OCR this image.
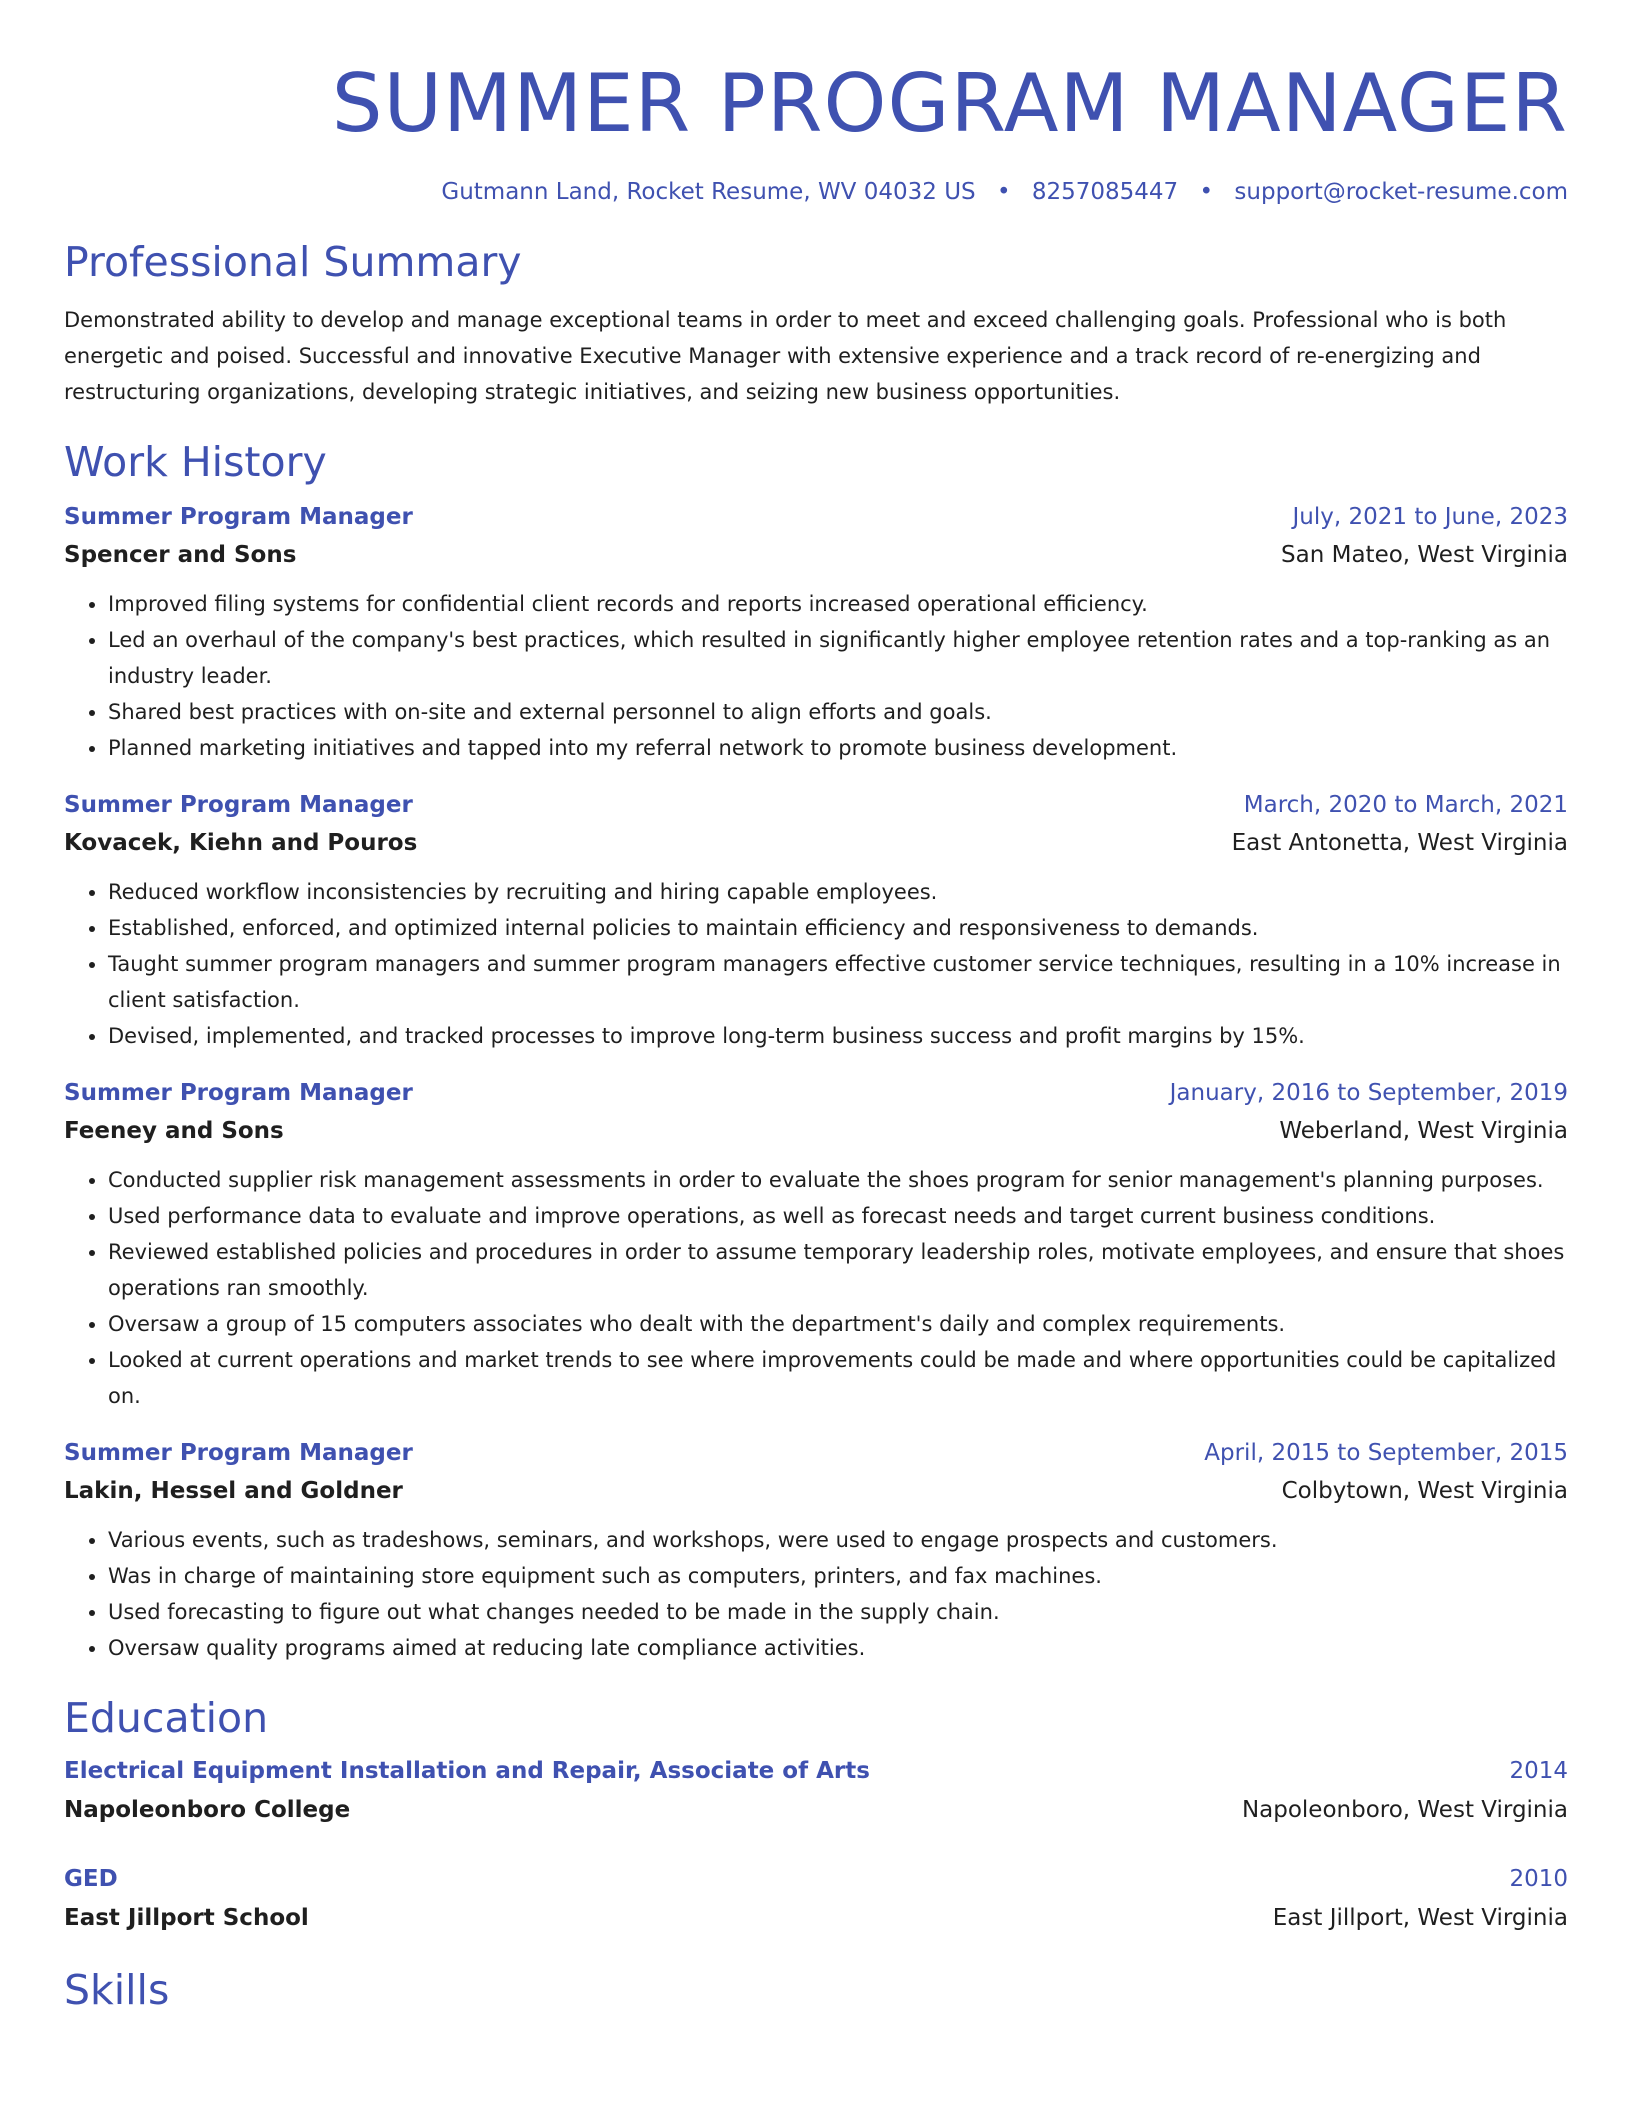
SUMMER PROGRAM MANAGER
Gutmann Land, Rocket Resume, WV 04032 US • 8257085447 • support@rocket-resume.com
Professional Summary
Demonstrated ability to develop and manage exceptional teams in order to meet and exceed challenging goals. Professional who is both energetic and poised. Successful and innovative Executive Manager with extensive experience and a track record of re-energizing and restructuring organizations, developing strategic initiatives, and seizing new business opportunities.
Work History
Summer Program Manager	July, 2021 to June, 2023
Spencer and Sons	San Mateo, West Virginia
• Improved filing systems for confidential client records and reports increased operational efficiency.
• Led an overhaul of the company's best practices, which resulted in significantly higher employee retention rates and a top-ranking as an industry leader.
• Shared best practices with on-site and external personnel to align efforts and goals.
• Planned marketing initiatives and tapped into my referral network to promote business development.
Summer Program Manager	March, 2020 to March, 2021
Kovacek, Kiehn and Pouros	East Antonetta, West Virginia
• Reduced workflow inconsistencies by recruiting and hiring capable employees.
• Established, enforced, and optimized internal policies to maintain efficiency and responsiveness to demands.
• Taught summer program managers and summer program managers effective customer service techniques, resulting in a 10% increase in client satisfaction.
• Devised, implemented, and tracked processes to improve long-term business success and profit margins by 15%.
Summer Program Manager	January, 2016 to September, 2019
Feeney and Sons	Weberland, West Virginia
• Conducted supplier risk management assessments in order to evaluate the shoes program for senior management's planning purposes.
• Used performance data to evaluate and improve operations, as well as forecast needs and target current business conditions.
• Reviewed established policies and procedures in order to assume temporary leadership roles, motivate employees, and ensure that shoes operations ran smoothly.
• Oversaw a group of 15 computers associates who dealt with the department's daily and complex requirements.
• Looked at current operations and market trends to see where improvements could be made and where opportunities could be capitalized on.
Summer Program Manager	April, 2015 to September, 2015
Lakin, Hessel and Goldner	Colbytown, West Virginia
• Various events, such as tradeshows, seminars, and workshops, were used to engage prospects and customers.
• Was in charge of maintaining store equipment such as computers, printers, and fax machines.
• Used forecasting to figure out what changes needed to be made in the supply chain.
• Oversaw quality programs aimed at reducing late compliance activities.
Education
Electrical Equipment Installation and Repair, Associate of Arts	2014
Napoleonboro College	Napoleonboro, West Virginia
GED	2010
East Jillport School	East Jillport, West Virginia
Skills
